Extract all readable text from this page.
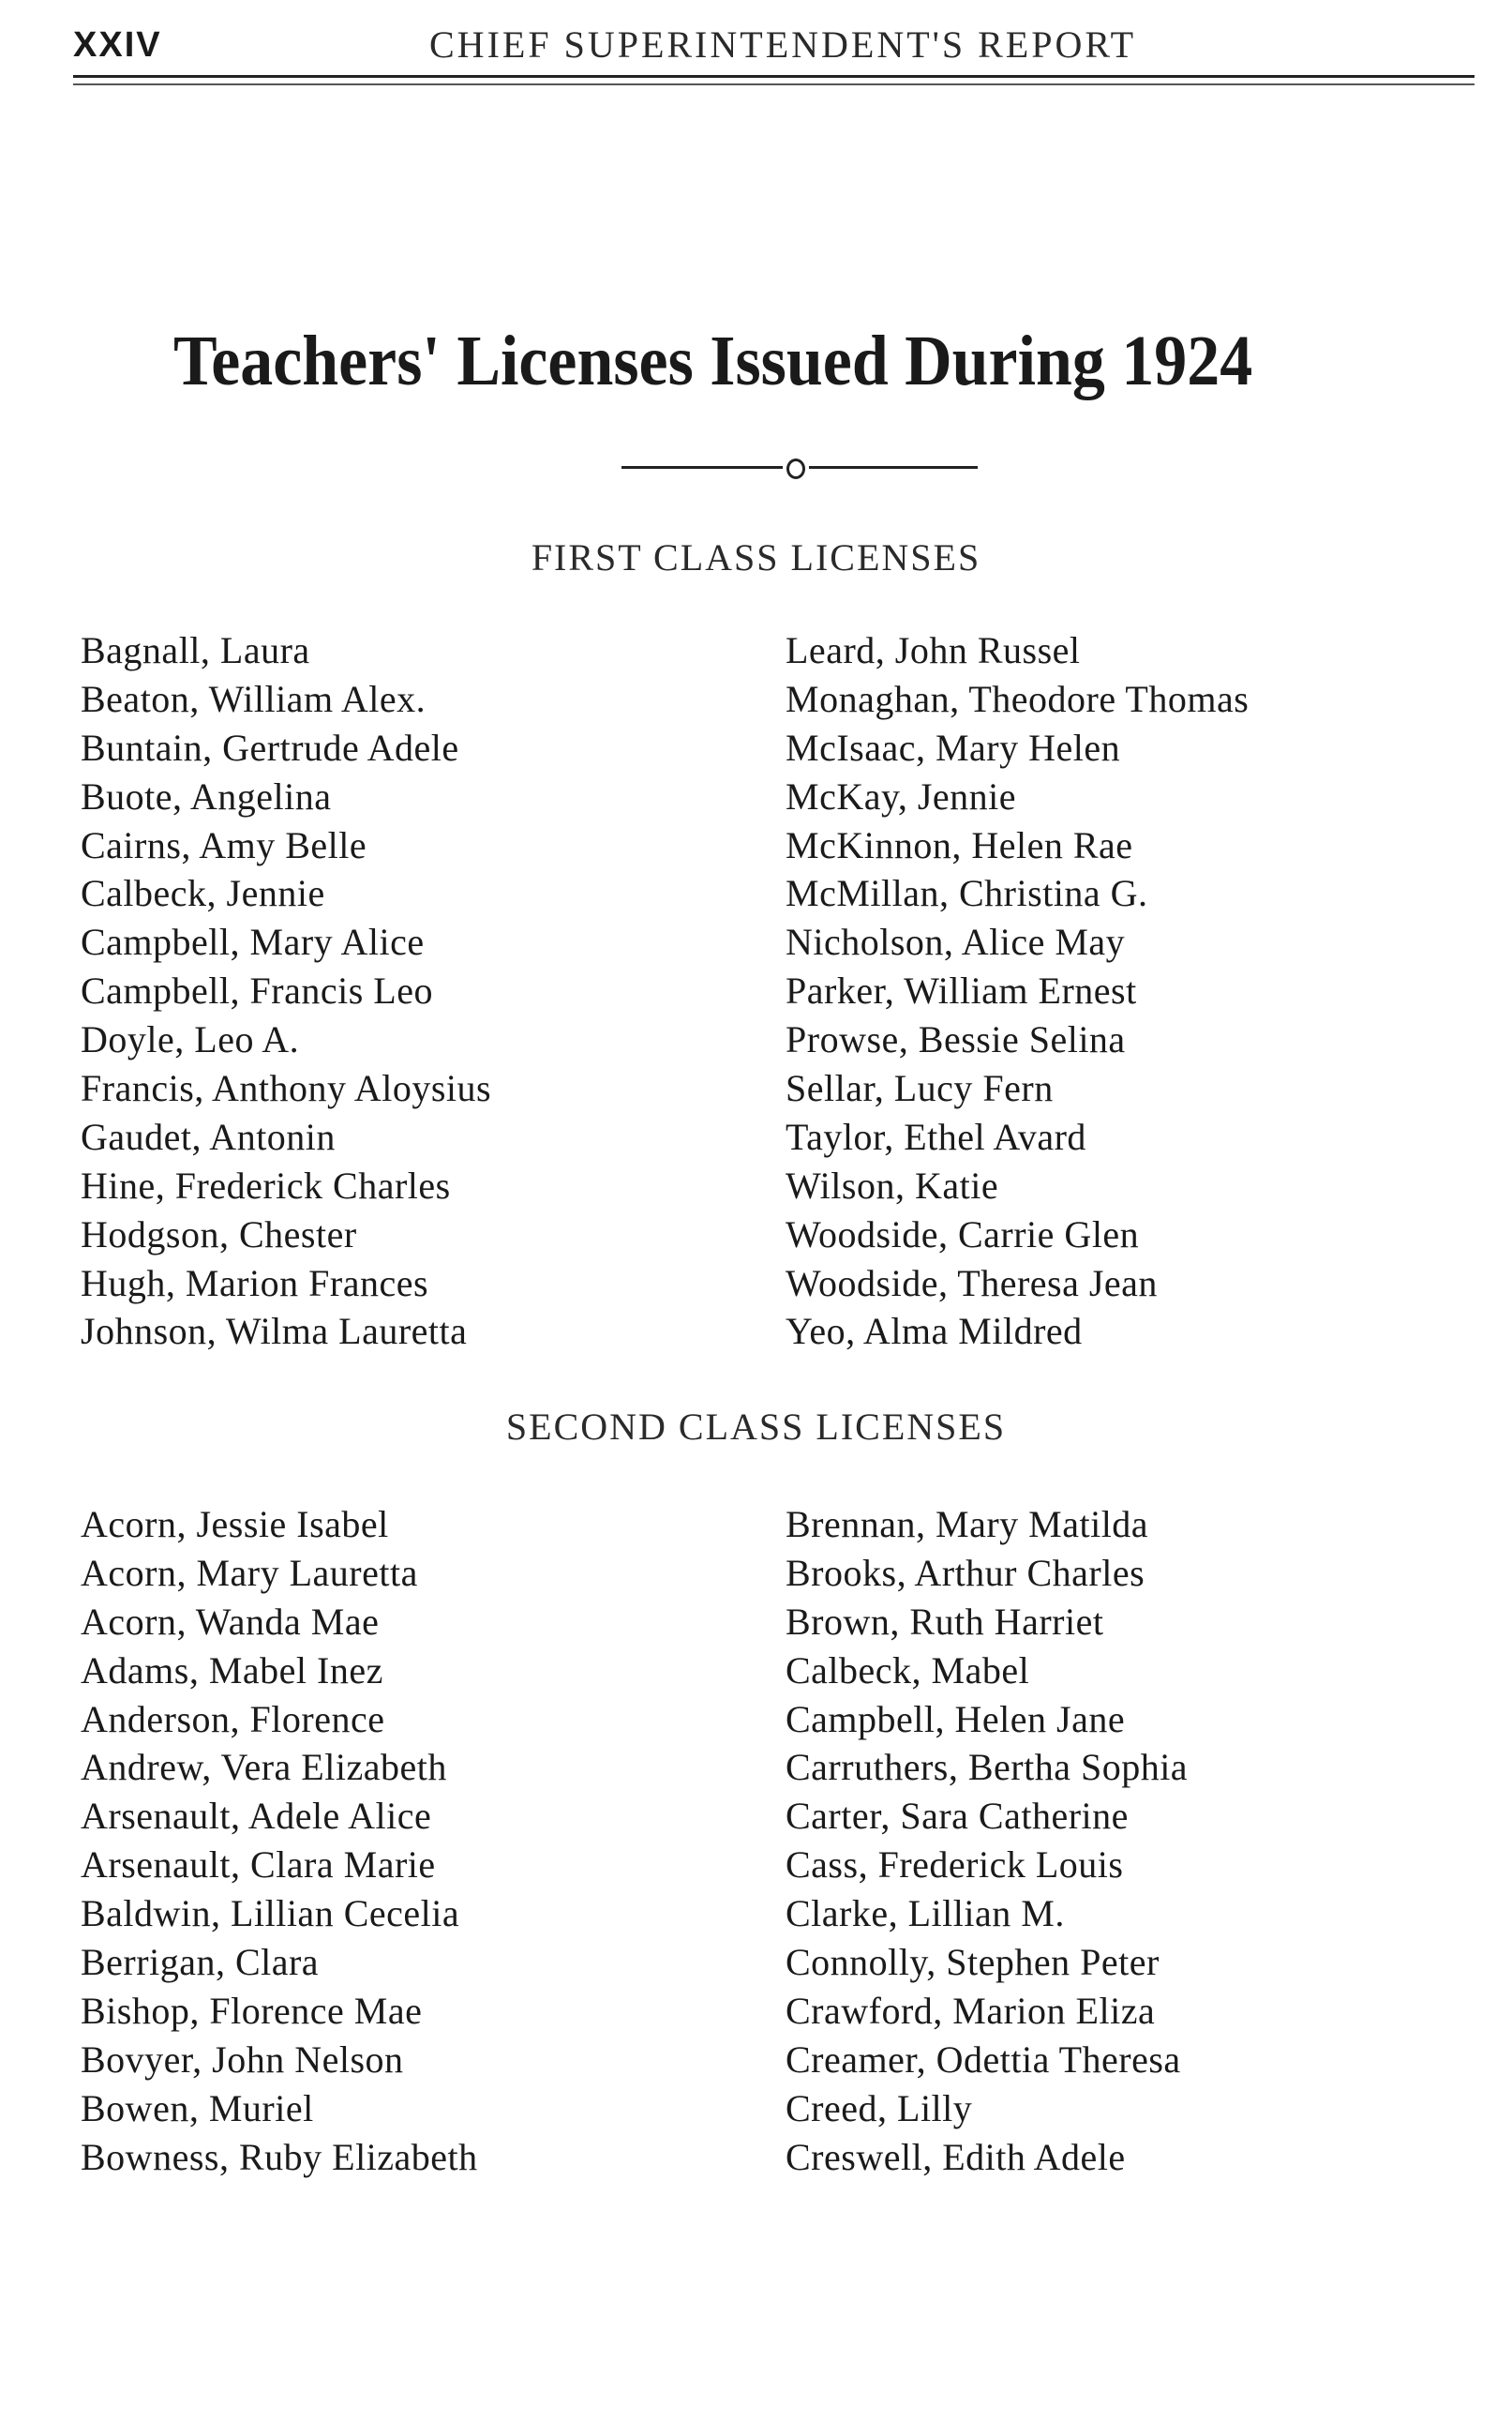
XXIV	CHIEF SUPERINTENDENT'S REPORT
Teachers' Licenses Issued During 1924
FIRST CLASS LICENSES
Bagnall, Laura
Beaton, William Alex.
Buntain, Gertrude Adele
Buote, Angelina
Cairns, Amy Belle
Calbeck, Jennie
Campbell, Mary Alice
Campbell, Francis Leo
Doyle, Leo A.
Francis, Anthony Aloysius
Gaudet, Antonin
Hine, Frederick Charles
Hodgson, Chester
Hugh, Marion Frances
Johnson, Wilma Lauretta
Leard, John Russel
Monaghan, Theodore Thomas
McIsaac, Mary Helen
McKay, Jennie
McKinnon, Helen Rae
McMillan, Christina G.
Nicholson, Alice May
Parker, William Ernest
Prowse, Bessie Selina
Sellar, Lucy Fern
Taylor, Ethel Avard
Wilson, Katie
Woodside, Carrie Glen
Woodside, Theresa Jean
Yeo, Alma Mildred
SECOND CLASS LICENSES
Acorn, Jessie Isabel
Acorn, Mary Lauretta
Acorn, Wanda Mae
Adams, Mabel Inez
Anderson, Florence
Andrew, Vera Elizabeth
Arsenault, Adele Alice
Arsenault, Clara Marie
Baldwin, Lillian Cecelia
Berrigan, Clara
Bishop, Florence Mae
Bovyer, John Nelson
Bowen, Muriel
Bowness, Ruby Elizabeth
Brennan, Mary Matilda
Brooks, Arthur Charles
Brown, Ruth Harriet
Calbeck, Mabel
Campbell, Helen Jane
Carruthers, Bertha Sophia
Carter, Sara Catherine
Cass, Frederick Louis
Clarke, Lillian M.
Connolly, Stephen Peter
Crawford, Marion Eliza
Creamer, Odettia Theresa
Creed, Lilly
Creswell, Edith Adele
